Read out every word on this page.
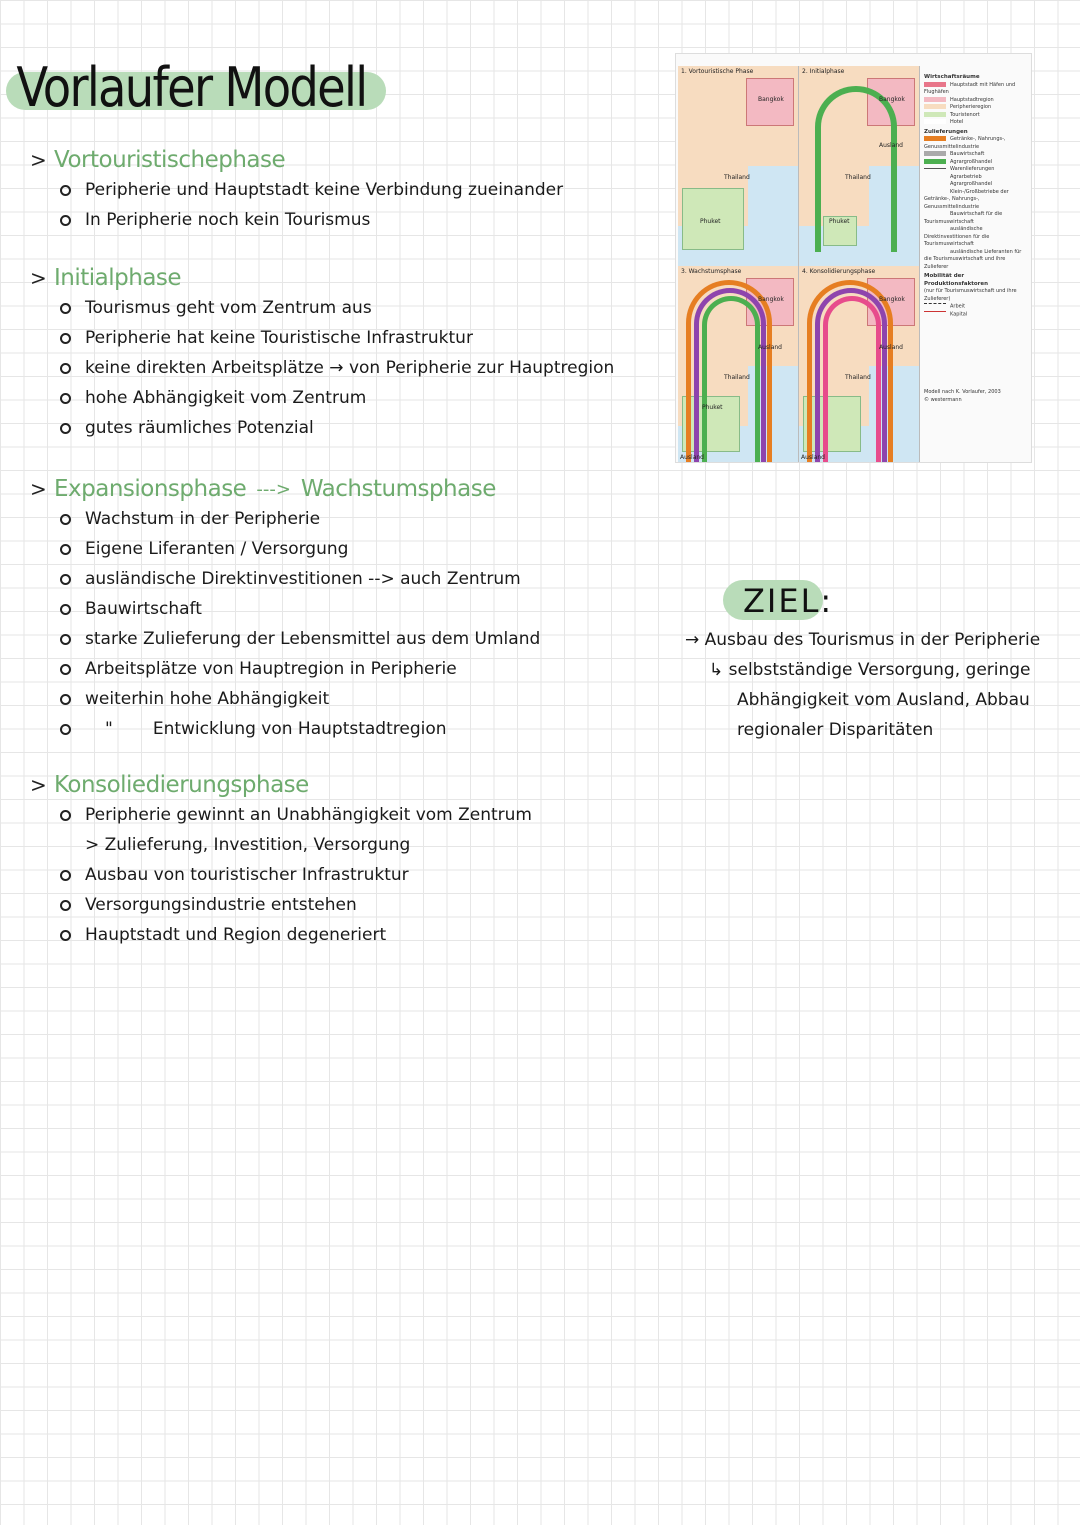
Vorlaufer Modell
> Vortouristischephase
Peripherie und Hauptstadt keine Verbindung zueinander
In Peripherie noch kein Tourismus
> Initialphase
Tourismus geht vom Zentrum aus
Peripherie hat keine Touristische Infrastruktur
keine direkten Arbeitsplätze → von Peripherie zur Hauptregion
hohe Abhängigkeit vom Zentrum
gutes räumliches Potenzial
> Expansionsphase ---> Wachstumsphase
Wachstum in der Peripherie
Eigene Liferanten / Versorgung
ausländische Direktinvestitionen --> auch Zentrum
Bauwirtschaft
starke Zulieferung der Lebensmittel aus dem Umland
Arbeitsplätze von Hauptregion in Peripherie
weiterhin hohe Abhängigkeit
" Entwicklung von Hauptstadtregion
> Konsoliedierungsphase
Peripherie gewinnt an Unabhängigkeit vom Zentrum
> Zulieferung, Investition, Versorgung
Ausbau von touristischer Infrastruktur
Versorgungsindustrie entstehen
Hauptstadt und Region degeneriert
1. Vortouristische Phase
Bangkok
Thailand
Phuket
2. Initialphase
Bangkok
Thailand
Phuket
Ausland
3. Wachstumsphase
Bangkok
Thailand
Phuket
Ausland
Ausland
4. Konsolidierungsphase
Bangkok
Thailand
Ausland
Ausland
Wirtschaftsräume
Hauptstadt mit Häfen und Flughäfen
Hauptstadtregion
Peripherieregion
Touristenort
Hotel
Zulieferungen
Getränke-, Nahrungs-, Genussmittelindustrie
Bauwirtschaft
Agrargroßhandel
Warenlieferungen
Agrarbetrieb
Agrargroßhandel
Klein-/Großbetriebe der Getränke-, Nahrungs-, Genussmittelindustrie
Bauwirtschaft für die Tourismuswirtschaft
ausländische Direktinvestitionen für die Tourismuswirtschaft
ausländische Lieferanten für die Tourismuswirtschaft und ihre Zulieferer
Mobilität der Produktionsfaktoren
(nur für Tourismuswirtschaft und ihre Zulieferer)
Arbeit
Kapital
Modell nach K. Vorlaufer, 2003
© westermann
ZIEL:
→ Ausbau des Tourismus in der Peripherie
↳ selbstständige Versorgung, geringe
Abhängigkeit vom Ausland, Abbau
regionaler Disparitäten
